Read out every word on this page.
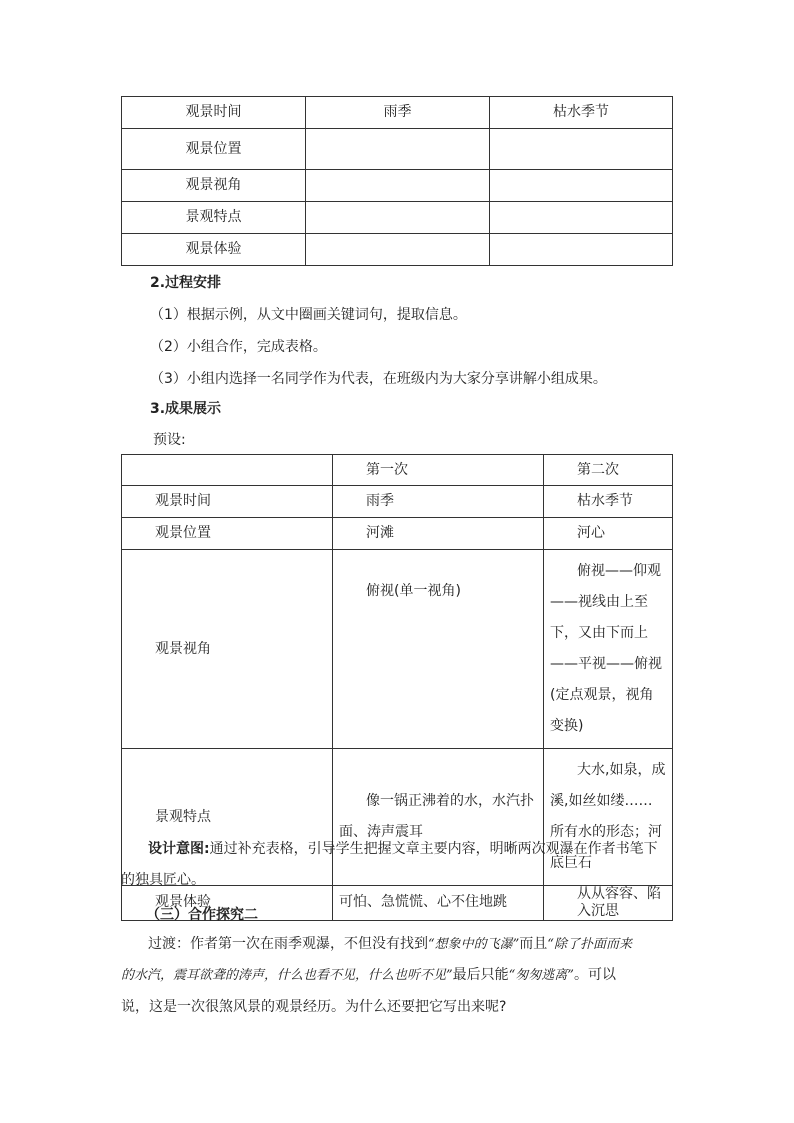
观景时间	雨季	枯水季节
观景位置		
观景视角		
景观特点		
观景体验		
2.过程安排
（1）根据示例，从文中圈画关键词句，提取信息。
（2）小组合作，完成表格。
（3）小组内选择一名同学作为代表，在班级内为大家分享讲解小组成果。
3.成果展示
预设:
	第一次	第二次
观景时间	雨季	枯水季节
观景位置	河滩	河心
观景视角	俯视(单一视角)	俯视——仰观——视线由上至下，又由下而上——平视——俯视(定点观景，视角变换)
景观特点	像一锅正沸着的水，水汽扑面、涛声震耳	大水,如泉，成溪,如丝如缕……所有水的形态；河底巨石
观景体验	可怕、急慌慌、心不住地跳	从从容容、陷入沉思
设计意图:通过补充表格，引导学生把握文章主要内容，明晰两次观瀑在作者书笔下
的独具匠心。
（三）合作探究二
过渡：作者第一次在雨季观瀑，不但没有找到“想象中的飞瀑”而且“除了扑面而来
的水汽，震耳欲聋的涛声，什么也看不见，什么也听不见”最后只能“匆匆逃离”。可以
说，这是一次很煞风景的观景经历。为什么还要把它写出来呢?
